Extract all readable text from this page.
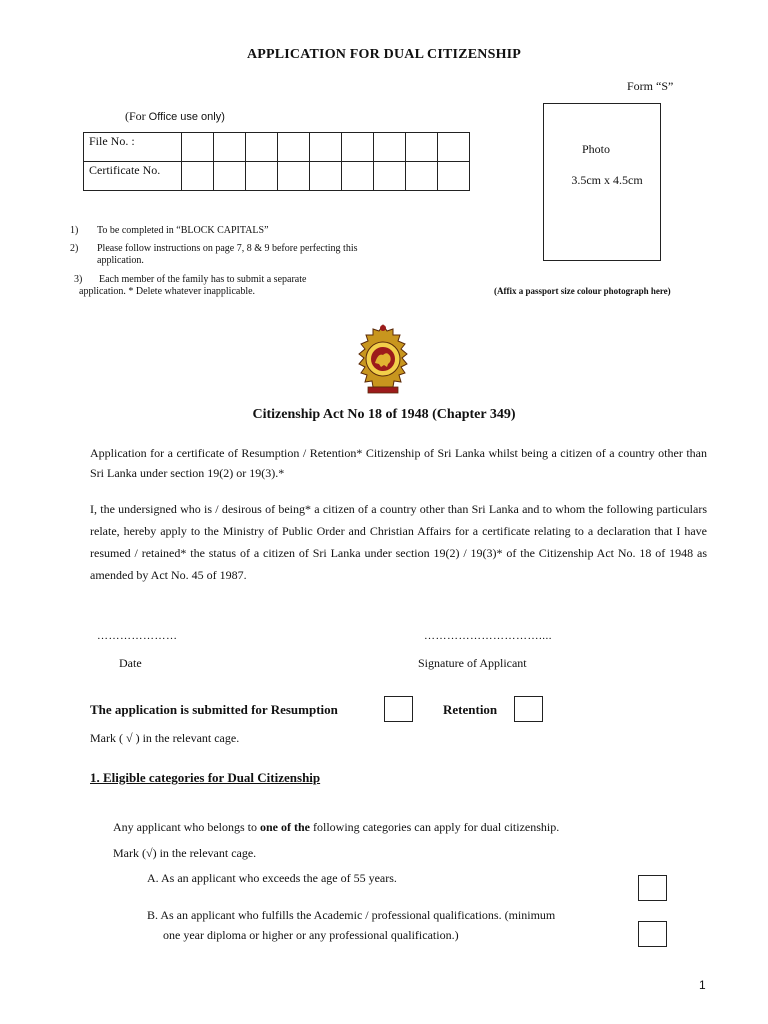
APPLICATION FOR DUAL CITIZENSHIP
Form “S”
(For Office use only)
File No. :									
Certificate No.									
Photo
3.5cm x 4.5cm
(Affix a passport size colour photograph here)
1) To be completed in “BLOCK CAPITALS”
2) Please follow instructions on page 7, 8 & 9 before perfecting this
application.
3) Each member of the family has to submit a separate
application. * Delete whatever inapplicable.
Citizenship Act No 18 of 1948 (Chapter 349)
Application for a certificate of Resumption / Retention* Citizenship of Sri Lanka whilst being a citizen of a country other than Sri Lanka under section 19(2) or 19(3).*
I, the undersigned who is / desirous of being* a citizen of a country other than Sri Lanka and to whom the following particulars relate, hereby apply to the Ministry of Public Order and Christian Affairs for a certificate relating to a declaration that I have resumed / retained* the status of a citizen of Sri Lanka under section 19(2) / 19(3)* of the Citizenship Act No. 18 of 1948 as amended by Act No. 45 of 1987.
…………………
Date
…………………………....
Signature of Applicant
The application is submitted for Resumption	Retention
Mark ( √ ) in the relevant cage.
1. Eligible categories for Dual Citizenship
Any applicant who belongs to one of the following categories can apply for dual citizenship.
Mark (√) in the relevant cage.
A. As an applicant who exceeds the age of 55 years.
B. As an applicant who fulfills the Academic / professional qualifications. (minimum
one year diploma or higher or any professional qualification.)
1
